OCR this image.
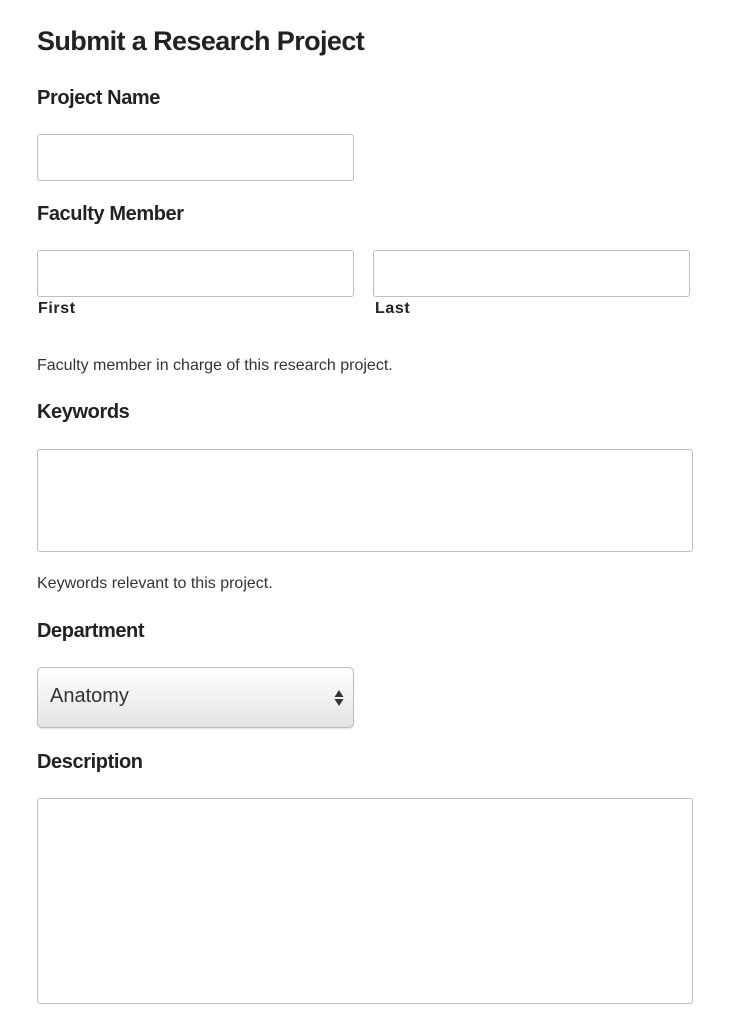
Submit a Research Project
Project Name
Faculty Member
First	Last

Faculty member in charge of this research project.

Keywords

Keywords relevant to this project.

Department
Anatomy
Description
